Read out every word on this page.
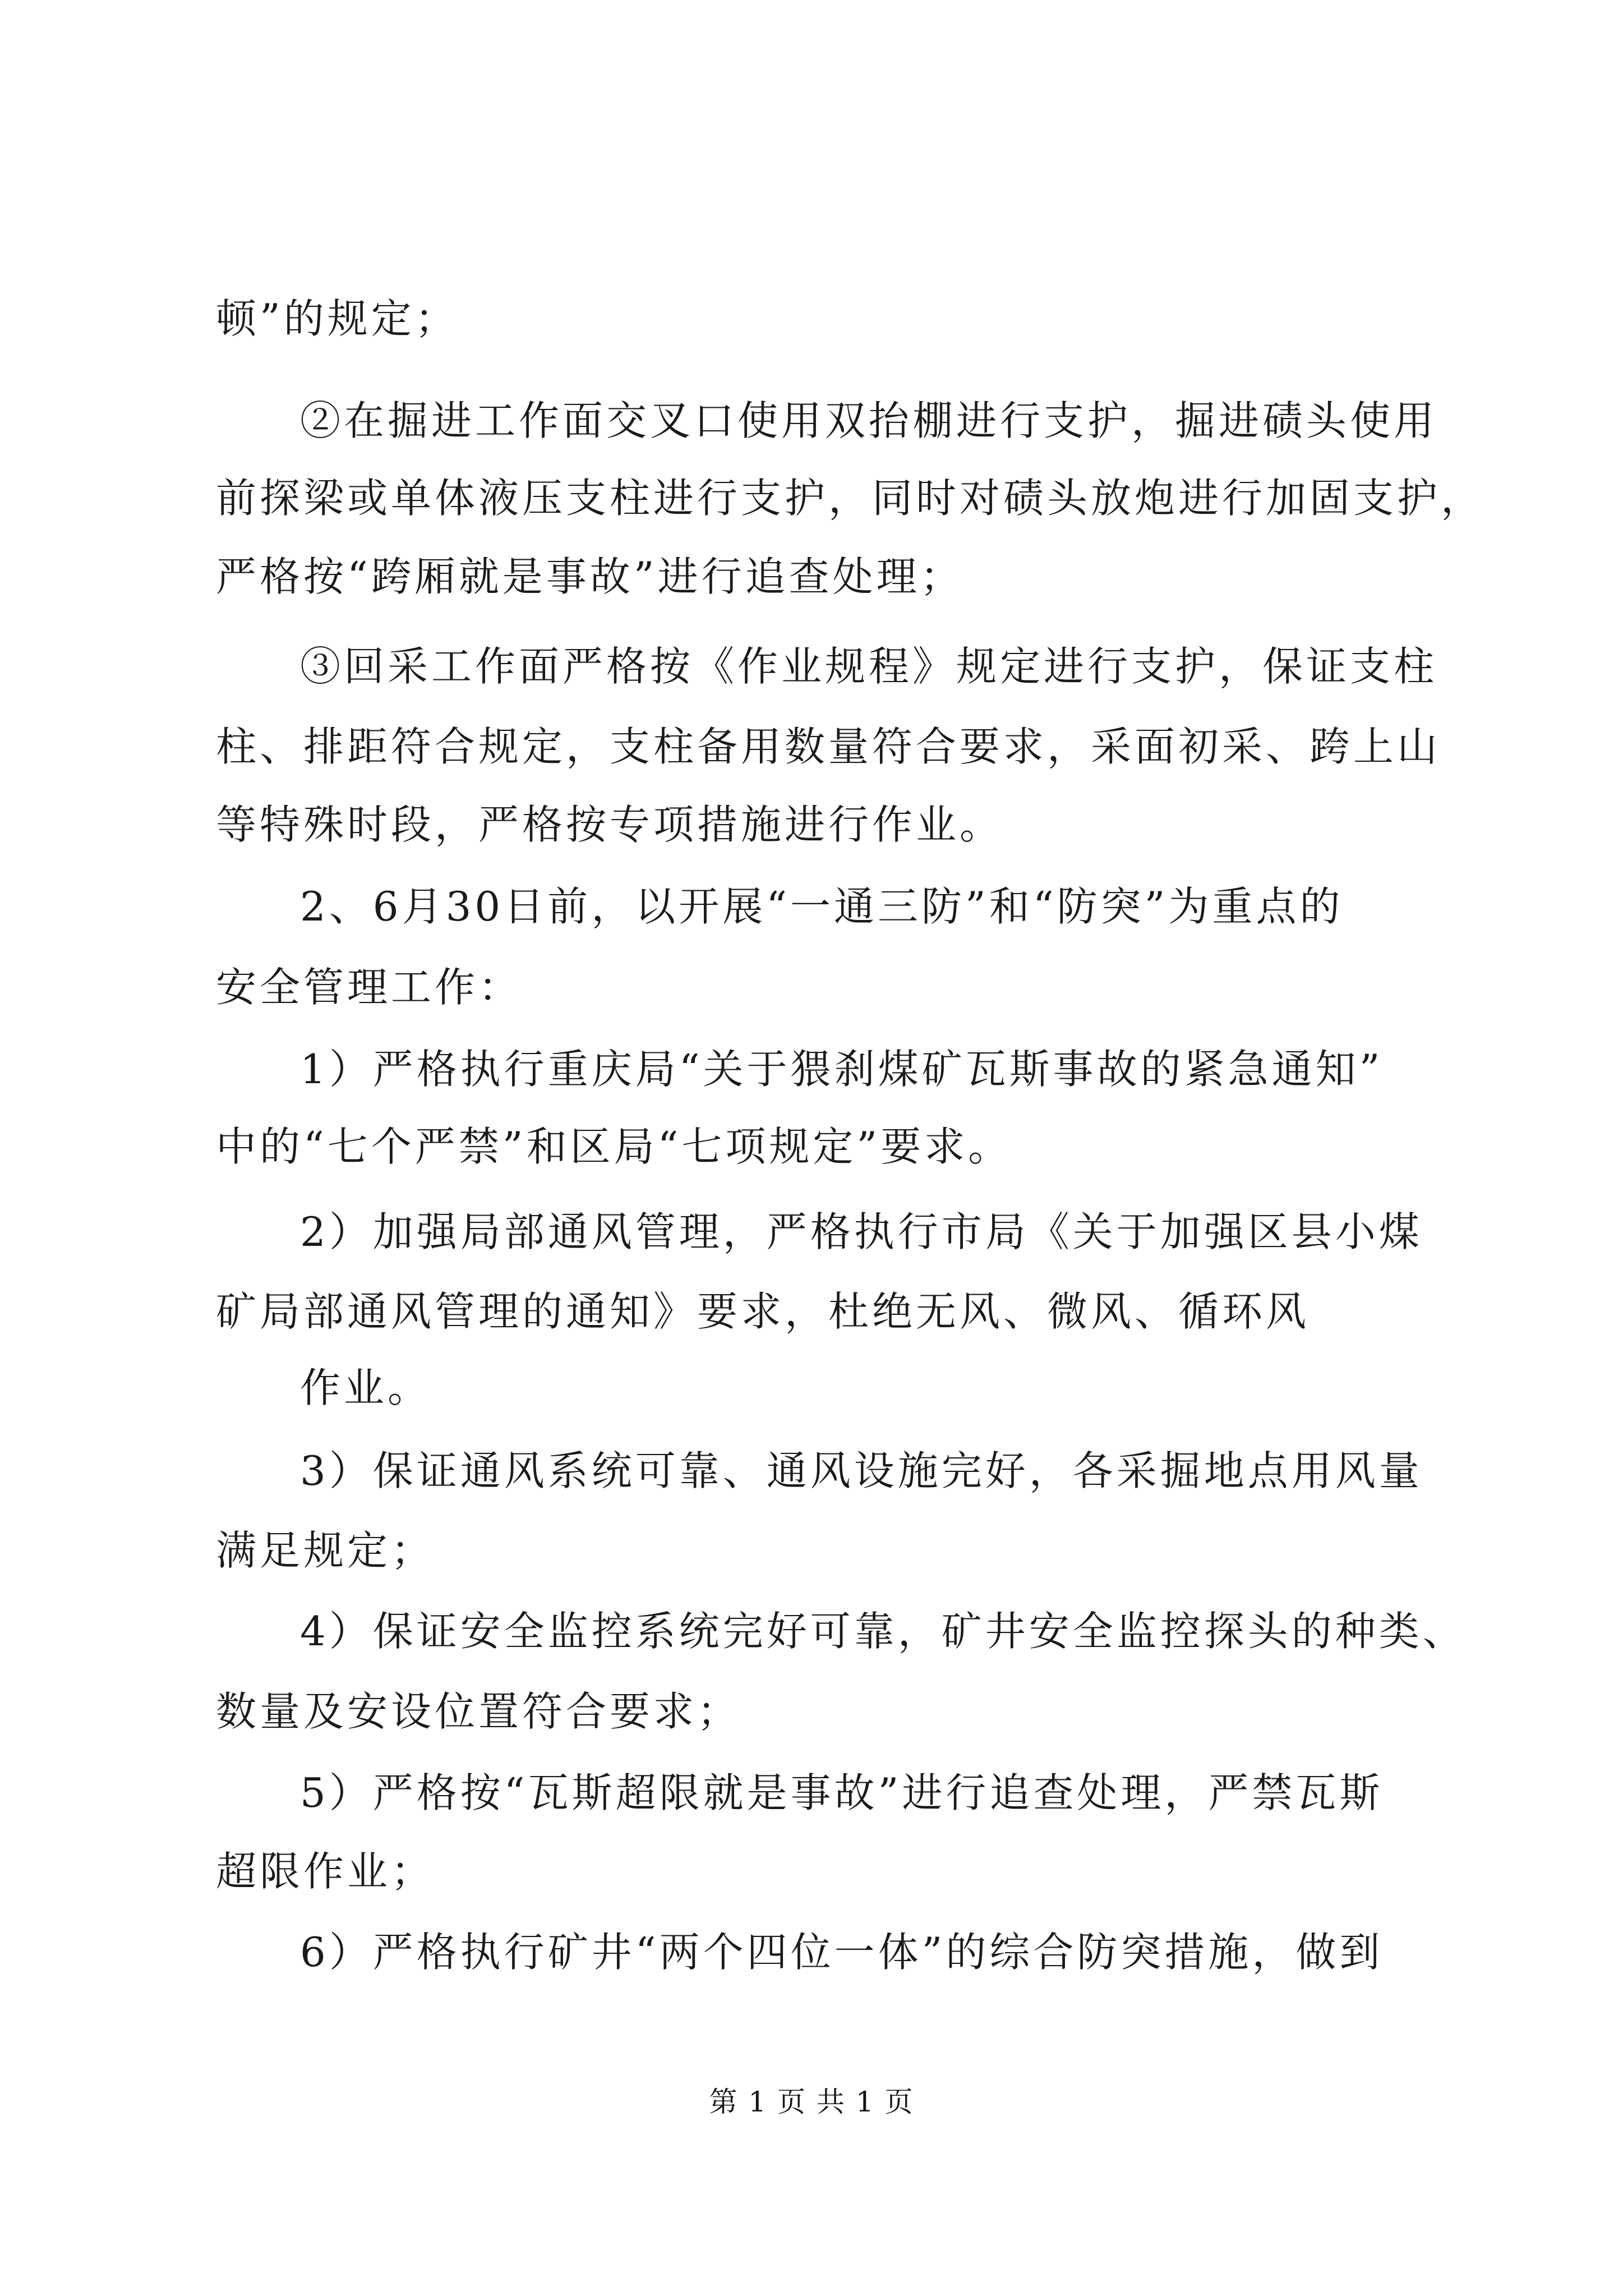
顿”的规定；
②在掘进工作面交叉口使用双抬棚进行支护，掘进碛头使用
前探梁或单体液压支柱进行支护，同时对碛头放炮进行加固支护，
严格按“跨厢就是事故”进行追查处理；
③回采工作面严格按《作业规程》规定进行支护，保证支柱
柱、排距符合规定，支柱备用数量符合要求，采面初采、跨上山
等特殊时段，严格按专项措施进行作业。
2、6月30日前，以开展“一通三防”和“防突”为重点的
安全管理工作：
1）严格执行重庆局“关于猥刹煤矿瓦斯事故的紧急通知”
中的“七个严禁”和区局“七项规定”要求。
2）加强局部通风管理，严格执行市局《关于加强区县小煤
矿局部通风管理的通知》要求，杜绝无风、微风、循环风
作业。
3）保证通风系统可靠、通风设施完好，各采掘地点用风量
满足规定；
4）保证安全监控系统完好可靠，矿井安全监控探头的种类、
数量及安设位置符合要求；
5）严格按“瓦斯超限就是事故”进行追查处理，严禁瓦斯
超限作业；
6）严格执行矿井“两个四位一体”的综合防突措施，做到
第 1 页 共 1 页
